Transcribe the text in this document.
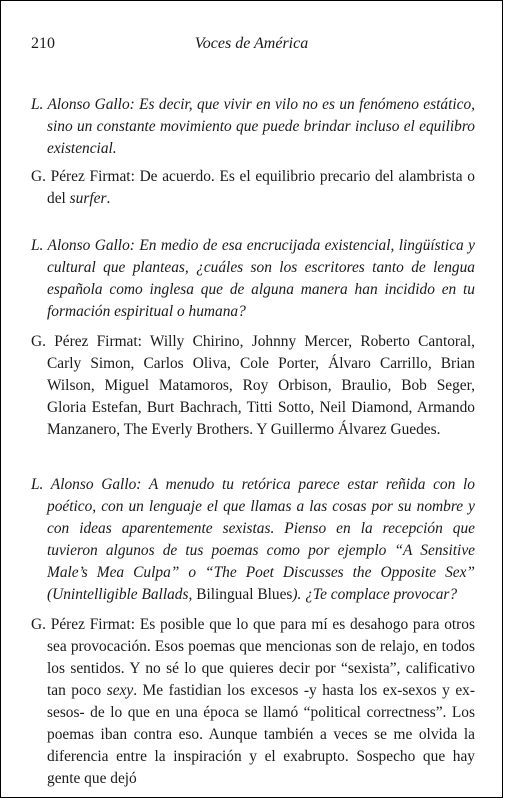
210	Voces de América

L. Alonso Gallo: Es decir, que vivir en vilo no es un fenómeno estático, sino un constante movimiento que puede brindar incluso el equilibro existencial.

G. Pérez Firmat: De acuerdo. Es el equilibrio precario del alambrista o del surfer.

L. Alonso Gallo: En medio de esa encrucijada existencial, lingüística y cultural que planteas, ¿cuáles son los escritores tanto de lengua española como inglesa que de alguna manera han incidido en tu formación espiritual o humana?

G. Pérez Firmat: Willy Chirino, Johnny Mercer, Roberto Cantoral, Carly Simon, Carlos Oliva, Cole Porter, Álvaro Carrillo, Brian Wilson, Miguel Matamoros, Roy Orbison, Braulio, Bob Seger, Gloria Estefan, Burt Bachrach, Titti Sotto, Neil Diamond, Armando Manzanero, The Everly Brothers. Y Guillermo Álvarez Guedes.

L. Alonso Gallo: A menudo tu retórica parece estar reñida con lo poético, con un lenguaje el que llamas a las cosas por su nombre y con ideas aparentemente sexistas. Pienso en la recepción que tuvieron algunos de tus poemas como por ejemplo “A Sensitive Male’s Mea Culpa” o “The Poet Discusses the Opposite Sex” (Unintelligible Ballads, Bilingual Blues). ¿Te complace provocar?

G. Pérez Firmat: Es posible que lo que para mí es desahogo para otros sea provocación. Esos poemas que mencionas son de relajo, en todos los sentidos. Y no sé lo que quieres decir por “sexista”, calificativo tan poco sexy. Me fastidian los excesos -y hasta los ex-sexos y ex-sesos- de lo que en una época se llamó “political correctness”. Los poemas iban contra eso. Aunque también a veces se me olvida la diferencia entre la inspiración y el exabrupto. Sospecho que hay gente que dejó
